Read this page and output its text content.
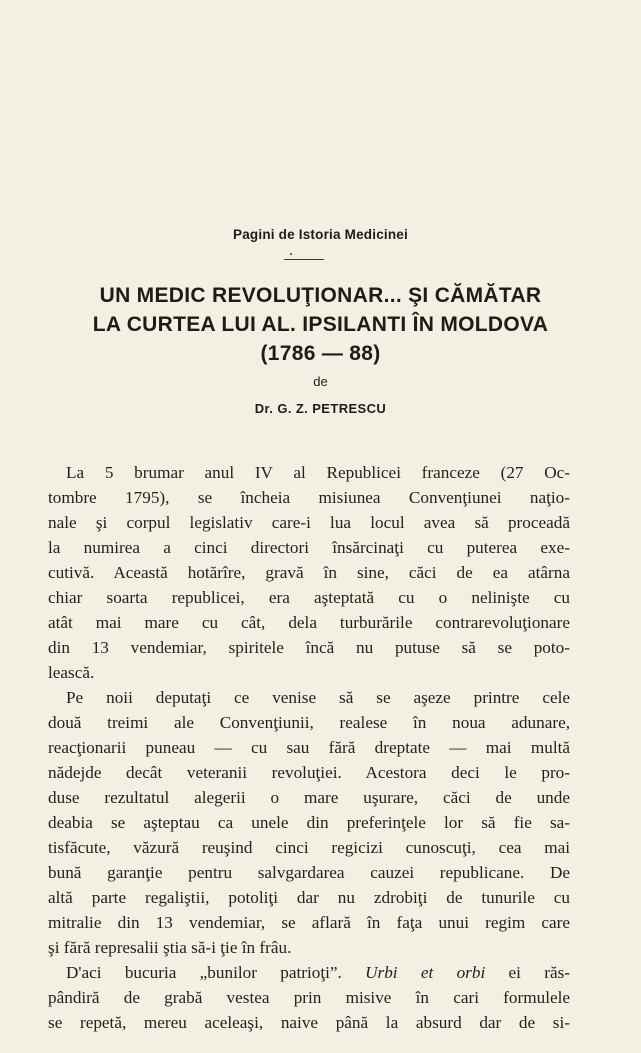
Pagini de Istoria Medicinei
UN MEDIC REVOLUŢIONAR... ŞI CĂMĂTAR
LA CURTEA LUI AL. IPSILANTI ÎN MOLDOVA
(1786 — 88)
de
Dr. G. Z. PETRESCU
La 5 brumar anul IV al Republicei franceze (27 Oc-
tombre 1795), se încheia misiunea Convenţiunei naţio-
nale şi corpul legislativ care-i lua locul avea să procеadă
la numirea a cinci directori însărcinaţi cu puterea exe-
cutivă. Această hotărîre, gravă în sine, căci de ea atârna
chiar soarta republicei, era aşteptată cu o nelinişte cu
atât mai mare cu cât, dela turburările contrarevoluţionare
din 13 vendemiar, spiritele încă nu putuse să se poto-
lească.
Pe noii deputaţi ce venise să se aşeze printre cele
două treimi ale Convenţiunii, realese în noua adunare,
reacţionarii puneau — cu sau fără dreptate — mai multă
nădejde decât veteranii revoluţiei. Acestora deci le pro-
duse rezultatul alegerii o mare uşurare, căci de unde
deabia se aşteptau ca unele din preferinţele lor să fie sa-
tisfăcute, văzură reuşind cinci regicizi cunoscuţi, cea mai
bună garanţie pentru salvgardarea cauzei republicane. De
altă parte regaliştii, potoliţi dar nu zdrobiţi de tunurile cu
mitralie din 13 vendemiar, se aflară în faţa unui regim care
şi fără represalii ştia să-i ţie în frâu.
D'aci bucuria „bunilor patrioţi”. Urbi et orbi ei răs-
pândiră de grabă vestea prin misive în cari formulele
se repetă, mereu aceleaşi, naive până la absurd dar de si-
